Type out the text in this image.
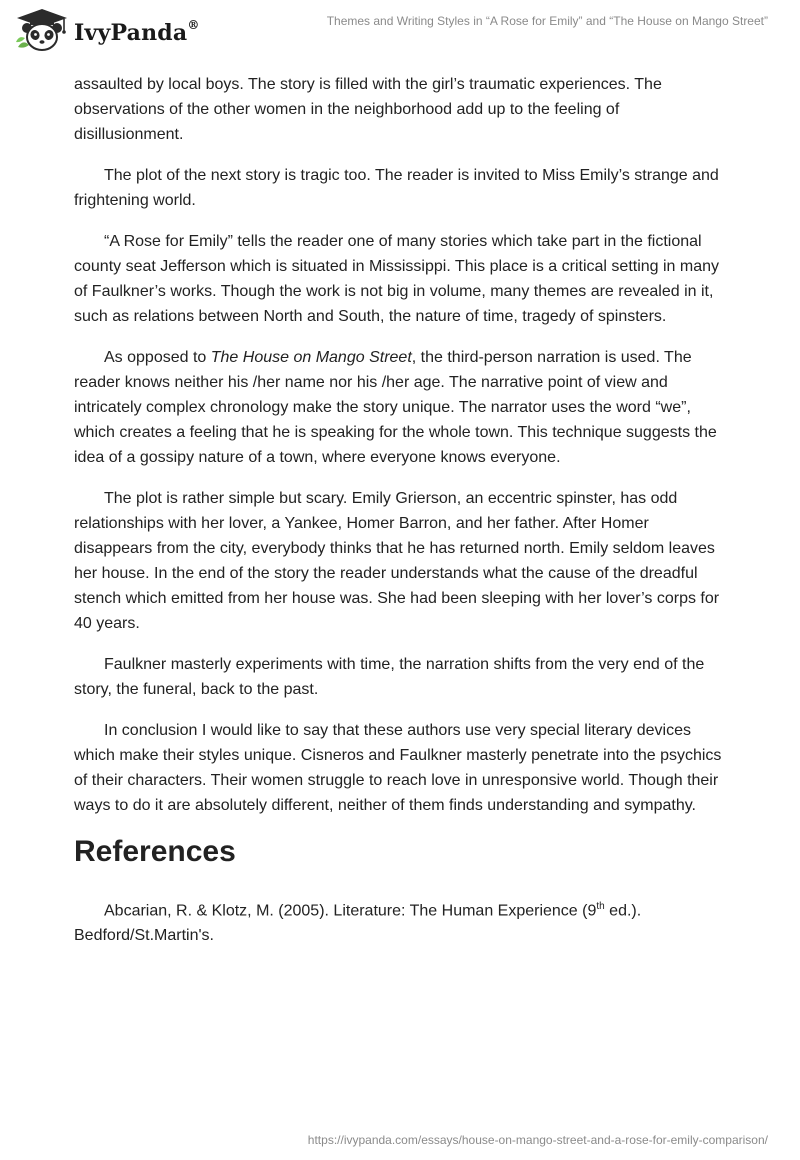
IvyPanda®	Themes and Writing Styles in “A Rose for Emily” and “The House on Mango Street”

assaulted by local boys. The story is filled with the girl’s traumatic experiences. The observations of the other women in the neighborhood add up to the feeling of disillusionment.

The plot of the next story is tragic too. The reader is invited to Miss Emily’s strange and frightening world.

“A Rose for Emily” tells the reader one of many stories which take part in the fictional county seat Jefferson which is situated in Mississippi. This place is a critical setting in many of Faulkner’s works. Though the work is not big in volume, many themes are revealed in it, such as relations between North and South, the nature of time, tragedy of spinsters.

As opposed to The House on Mango Street, the third-person narration is used. The reader knows neither his /her name nor his /her age. The narrative point of view and intricately complex chronology make the story unique. The narrator uses the word “we”, which creates a feeling that he is speaking for the whole town. This technique suggests the idea of a gossipy nature of a town, where everyone knows everyone.

The plot is rather simple but scary. Emily Grierson, an eccentric spinster, has odd relationships with her lover, a Yankee, Homer Barron, and her father. After Homer disappears from the city, everybody thinks that he has returned north. Emily seldom leaves her house. In the end of the story the reader understands what the cause of the dreadful stench which emitted from her house was. She had been sleeping with her lover’s corps for 40 years.

Faulkner masterly experiments with time, the narration shifts from the very end of the story, the funeral, back to the past.

In conclusion I would like to say that these authors use very special literary devices which make their styles unique. Cisneros and Faulkner masterly penetrate into the psychics of their characters. Their women struggle to reach love in unresponsive world. Though their ways to do it are absolutely different, neither of them finds understanding and sympathy.

References

Abcarian, R. & Klotz, M. (2005). Literature: The Human Experience (9th ed.). Bedford/St.Martin's.

https://ivypanda.com/essays/house-on-mango-street-and-a-rose-for-emily-comparison/
